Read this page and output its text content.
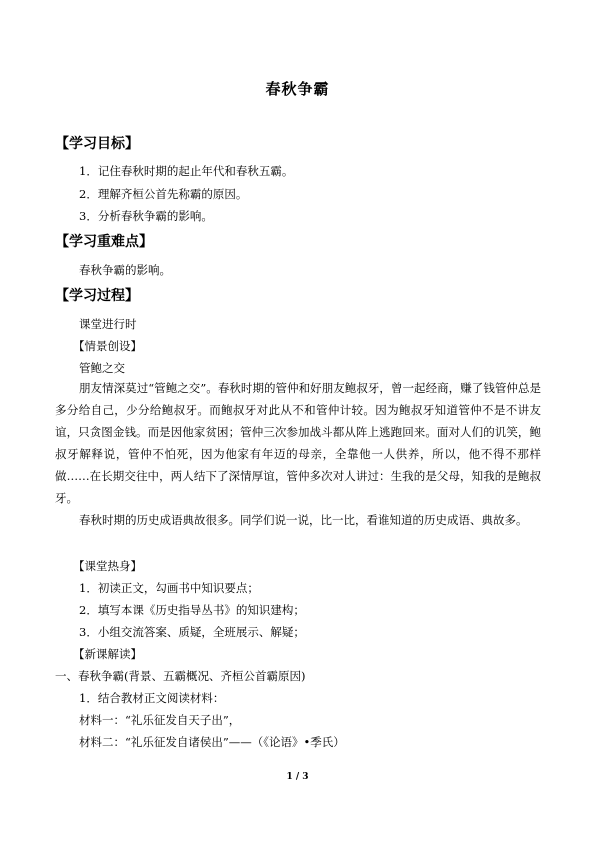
春秋争霸
【学习目标】
1．记住春秋时期的起止年代和春秋五霸。
2．理解齐桓公首先称霸的原因。
3．分析春秋争霸的影响。
【学习重难点】
春秋争霸的影响。
【学习过程】
课堂进行时
【情景创设】
管鲍之交
朋友情深莫过“管鲍之交”。春秋时期的管仲和好朋友鲍叔牙，曾一起经商，赚了钱管仲总是多分给自己，少分给鲍叔牙。而鲍叔牙对此从不和管仲计较。因为鲍叔牙知道管仲不是不讲友谊，只贪图金钱。而是因他家贫困；管仲三次参加战斗都从阵上逃跑回来。面对人们的讥笑，鲍叔牙解释说，管仲不怕死，因为他家有年迈的母亲，全靠他一人供养，所以，他不得不那样做……在长期交往中，两人结下了深情厚谊，管仲多次对人讲过：生我的是父母，知我的是鲍叔牙。
春秋时期的历史成语典故很多。同学们说一说，比一比，看谁知道的历史成语、典故多。
【课堂热身】
1．初读正文，勾画书中知识要点；
2．填写本课《历史指导丛书》的知识建构；
3．小组交流答案、质疑，全班展示、解疑；
【新课解读】
一、春秋争霸(背景、五霸概况、齐桓公首霸原因)
1．结合教材正文阅读材料：
材料一：“礼乐征发自天子出”，
材料二：“礼乐征发自诸侯出”——（《论语》•季氏）
1 / 3
